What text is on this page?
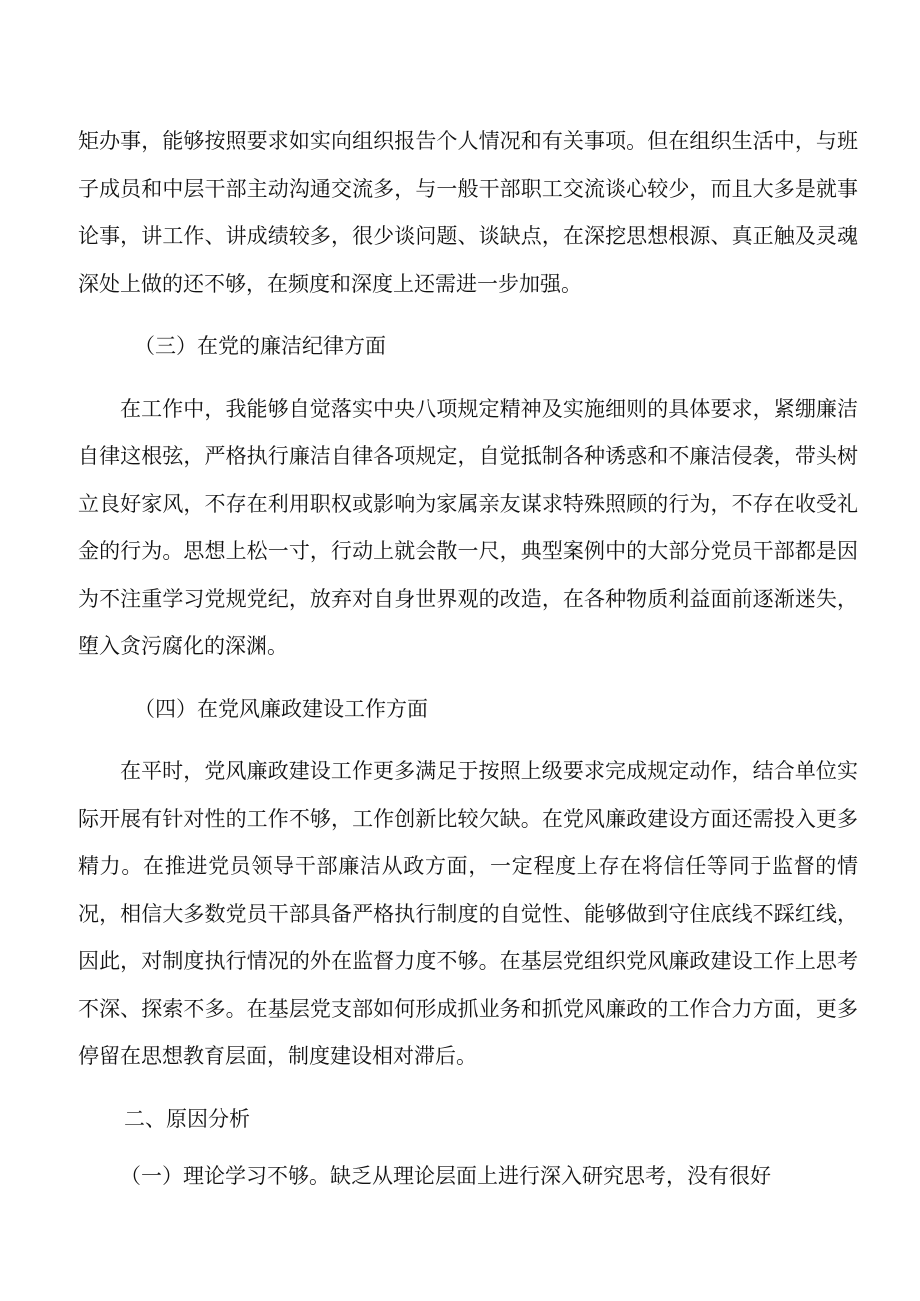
矩办事，能够按照要求如实向组织报告个人情况和有关事项。但在组织生活中，与班子成员和中层干部主动沟通交流多，与一般干部职工交流谈心较少，而且大多是就事论事，讲工作、讲成绩较多，很少谈问题、谈缺点，在深挖思想根源、真正触及灵魂深处上做的还不够，在频度和深度上还需进一步加强。

（三）在党的廉洁纪律方面

在工作中，我能够自觉落实中央八项规定精神及实施细则的具体要求，紧绷廉洁自律这根弦，严格执行廉洁自律各项规定，自觉抵制各种诱惑和不廉洁侵袭，带头树立良好家风，不存在利用职权或影响为家属亲友谋求特殊照顾的行为，不存在收受礼金的行为。思想上松一寸，行动上就会散一尺，典型案例中的大部分党员干部都是因为不注重学习党规党纪，放弃对自身世界观的改造，在各种物质利益面前逐渐迷失，堕入贪污腐化的深渊。

（四）在党风廉政建设工作方面

在平时，党风廉政建设工作更多满足于按照上级要求完成规定动作，结合单位实际开展有针对性的工作不够，工作创新比较欠缺。在党风廉政建设方面还需投入更多精力。在推进党员领导干部廉洁从政方面，一定程度上存在将信任等同于监督的情况，相信大多数党员干部具备严格执行制度的自觉性、能够做到守住底线不踩红线，因此，对制度执行情况的外在监督力度不够。在基层党组织党风廉政建设工作上思考不深、探索不多。在基层党支部如何形成抓业务和抓党风廉政的工作合力方面，更多停留在思想教育层面，制度建设相对滞后。

二、原因分析

（一）理论学习不够。缺乏从理论层面上进行深入研究思考，没有很好
